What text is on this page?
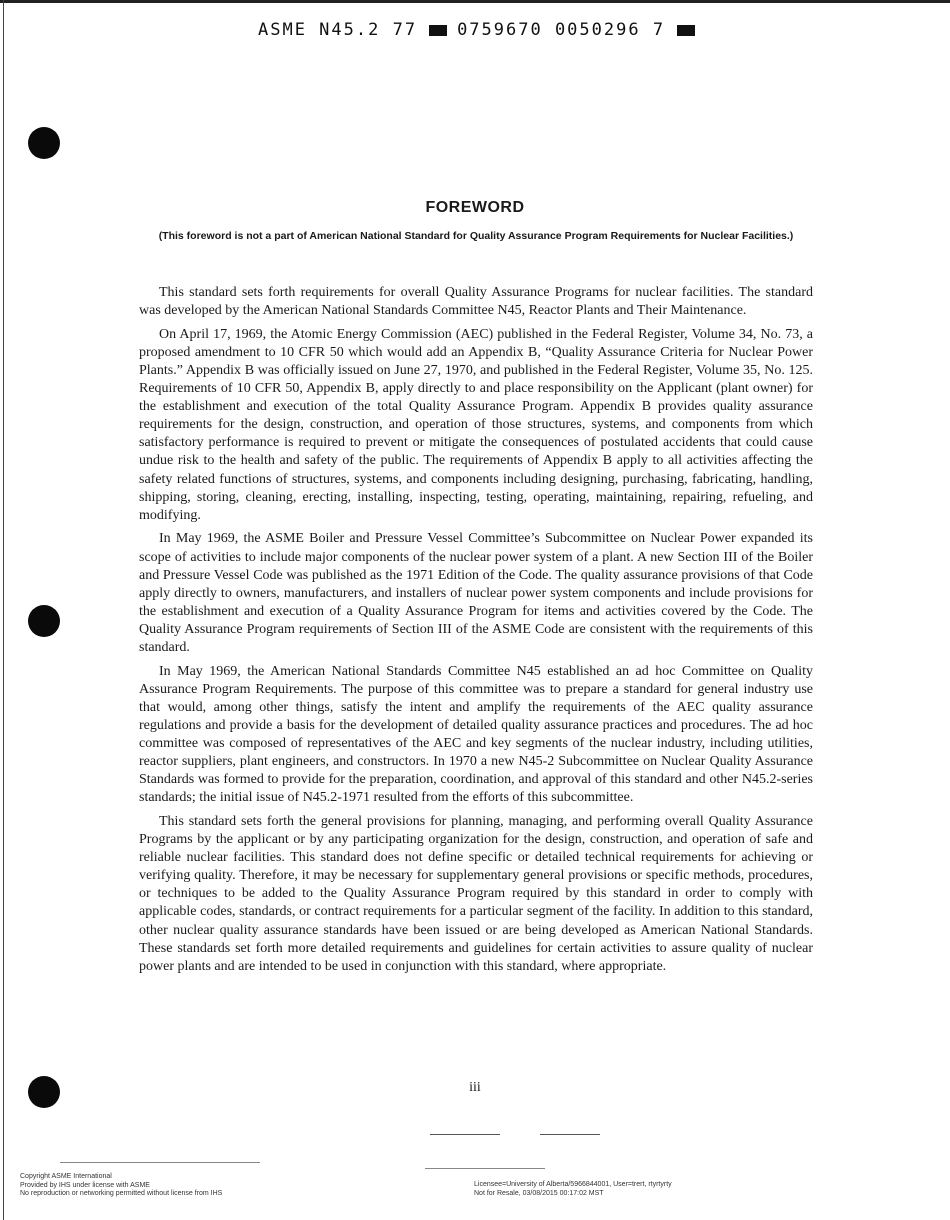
ASME N45.2 77 0759670 0050296 7
FOREWORD
(This foreword is not a part of American National Standard for Quality Assurance Program Requirements for Nuclear Facilities.)

This standard sets forth requirements for overall Quality Assurance Programs for nuclear facilities. The standard was developed by the American National Standards Committee N45, Reactor Plants and Their Maintenance.

On April 17, 1969, the Atomic Energy Commission (AEC) published in the Federal Register, Volume 34, No. 73, a proposed amendment to 10 CFR 50 which would add an Appendix B, “Quality Assurance Criteria for Nuclear Power Plants.” Appendix B was officially issued on June 27, 1970, and published in the Federal Register, Volume 35, No. 125. Requirements of 10 CFR 50, Appendix B, apply directly to and place responsibility on the Applicant (plant owner) for the establishment and execution of the total Quality Assurance Program. Appendix B provides quality assurance requirements for the design, construction, and operation of those structures, systems, and components from which satisfactory performance is required to prevent or mitigate the consequences of postulated accidents that could cause undue risk to the health and safety of the public. The requirements of Appendix B apply to all activities affecting the safety related functions of structures, systems, and components including designing, purchasing, fabricating, handling, shipping, storing, cleaning, erecting, installing, inspecting, testing, operating, maintaining, repairing, refueling, and modifying.

In May 1969, the ASME Boiler and Pressure Vessel Committee’s Subcommittee on Nuclear Power expanded its scope of activities to include major components of the nuclear power system of a plant. A new Section III of the Boiler and Pressure Vessel Code was published as the 1971 Edition of the Code. The quality assurance provisions of that Code apply directly to owners, manufacturers, and installers of nuclear power system components and include provisions for the establishment and execution of a Quality Assurance Program for items and activities covered by the Code. The Quality Assurance Program requirements of Section III of the ASME Code are consistent with the requirements of this standard.

In May 1969, the American National Standards Committee N45 established an ad hoc Committee on Quality Assurance Program Requirements. The purpose of this committee was to prepare a standard for general industry use that would, among other things, satisfy the intent and amplify the requirements of the AEC quality assurance regulations and provide a basis for the development of detailed quality assurance practices and procedures. The ad hoc committee was composed of representatives of the AEC and key segments of the nuclear industry, including utilities, reactor suppliers, plant engineers, and constructors. In 1970 a new N45-2 Subcommittee on Nuclear Quality Assurance Standards was formed to provide for the preparation, coordination, and approval of this standard and other N45.2-series standards; the initial issue of N45.2-1971 resulted from the efforts of this subcommittee.

This standard sets forth the general provisions for planning, managing, and performing overall Quality Assurance Programs by the applicant or by any participating organization for the design, construction, and operation of safe and reliable nuclear facilities. This standard does not define specific or detailed technical requirements for achieving or verifying quality. Therefore, it may be necessary for supplementary general provisions or specific methods, procedures, or techniques to be added to the Quality Assurance Program required by this standard in order to comply with applicable codes, standards, or contract requirements for a particular segment of the facility. In addition to this standard, other nuclear quality assurance standards have been issued or are being developed as American National Standards. These standards set forth more detailed requirements and guidelines for certain activities to assure quality of nuclear power plants and are intended to be used in conjunction with this standard, where appropriate.

iii
Copyright ASME International
Provided by IHS under license with ASME
No reproduction or networking permitted without license from IHS
Licensee=University of Alberta/5966844001, User=trert, rtyrtyrty
Not for Resale, 03/08/2015 00:17:02 MST
